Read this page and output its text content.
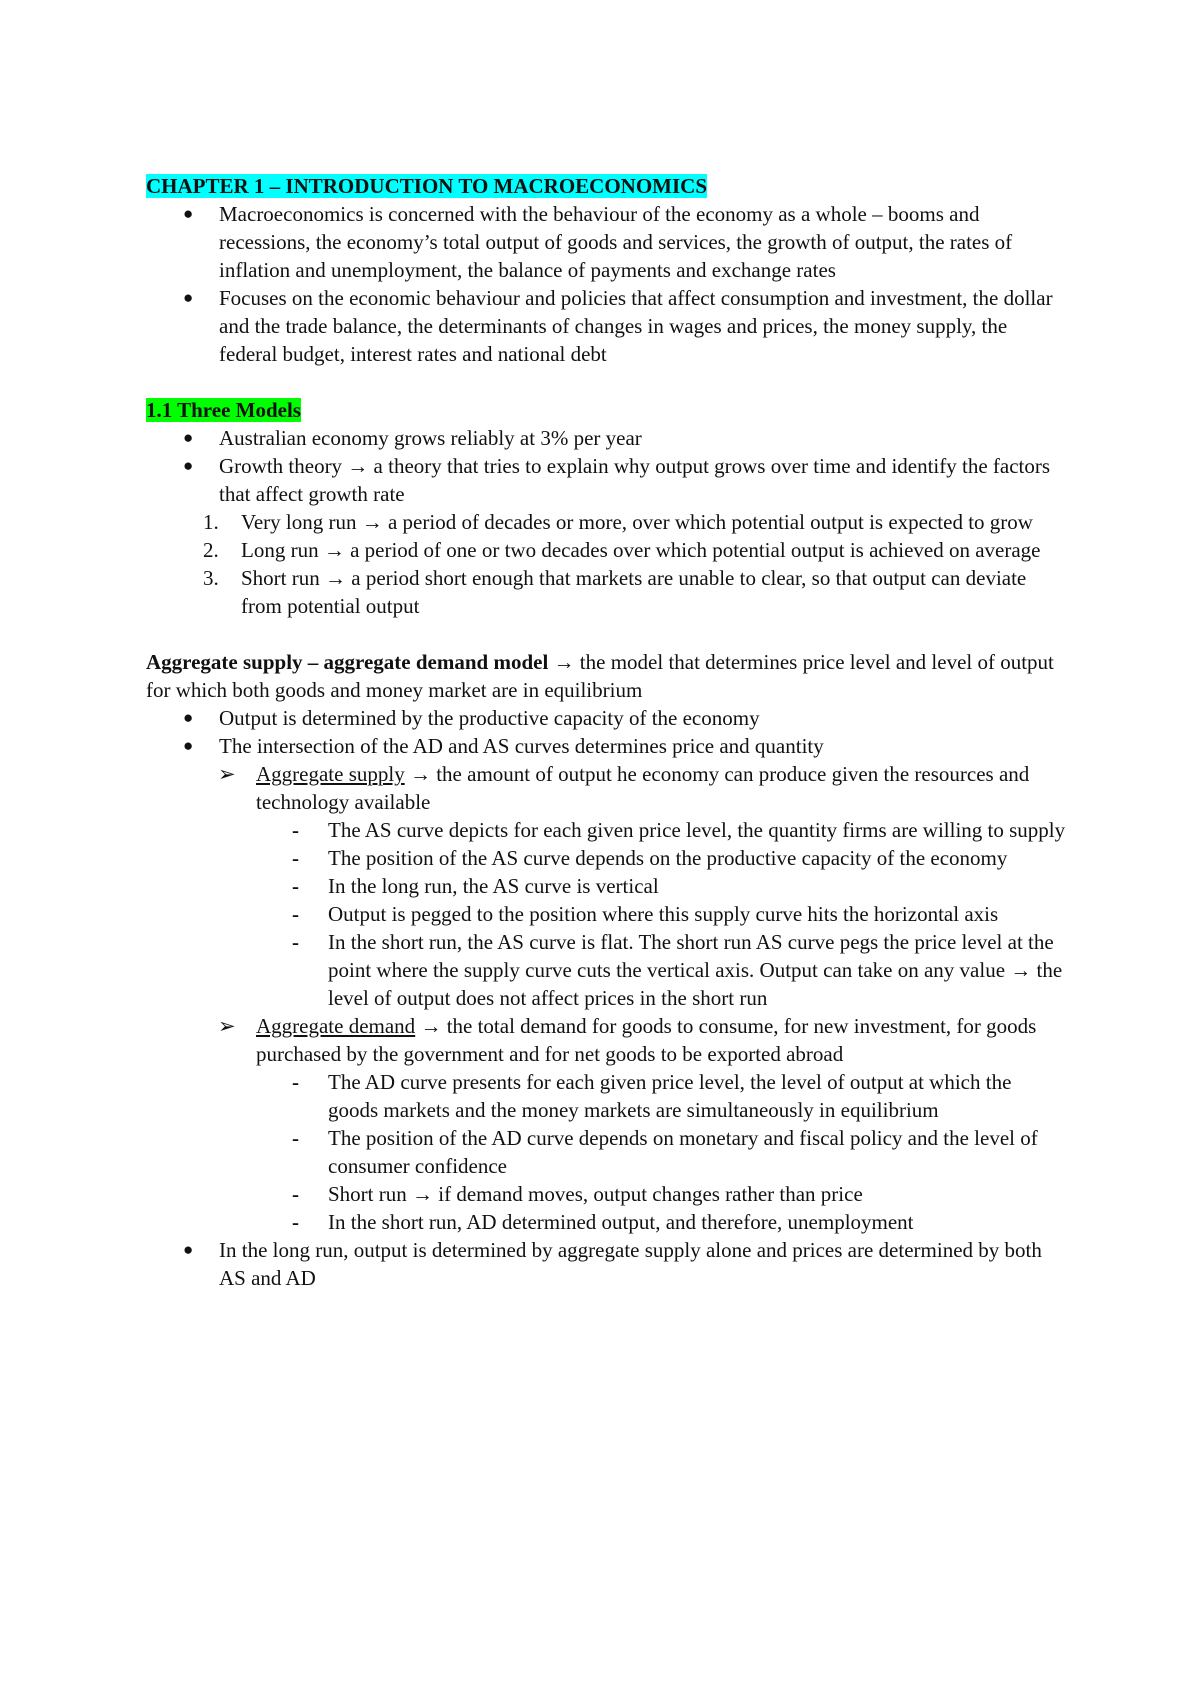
CHAPTER 1 – INTRODUCTION TO MACROECONOMICS

● Macroeconomics is concerned with the behaviour of the economy as a whole – booms and recessions, the economy’s total output of goods and services, the growth of output, the rates of inflation and unemployment, the balance of payments and exchange rates
● Focuses on the economic behaviour and policies that affect consumption and investment, the dollar and the trade balance, the determinants of changes in wages and prices, the money supply, the federal budget, interest rates and national debt

1.1 Three Models

● Australian economy grows reliably at 3% per year
● Growth theory → a theory that tries to explain why output grows over time and identify the factors that affect growth rate
1. Very long run → a period of decades or more, over which potential output is expected to grow
2. Long run → a period of one or two decades over which potential output is achieved on average
3. Short run → a period short enough that markets are unable to clear, so that output can deviate from potential output

Aggregate supply – aggregate demand model → the model that determines price level and level of output for which both goods and money market are in equilibrium

● Output is determined by the productive capacity of the economy
● The intersection of the AD and AS curves determines price and quantity
➢ Aggregate supply → the amount of output he economy can produce given the resources and technology available
- The AS curve depicts for each given price level, the quantity firms are willing to supply
- The position of the AS curve depends on the productive capacity of the economy
- In the long run, the AS curve is vertical
- Output is pegged to the position where this supply curve hits the horizontal axis
- In the short run, the AS curve is flat. The short run AS curve pegs the price level at the point where the supply curve cuts the vertical axis. Output can take on any value → the level of output does not affect prices in the short run
➢ Aggregate demand → the total demand for goods to consume, for new investment, for goods purchased by the government and for net goods to be exported abroad
- The AD curve presents for each given price level, the level of output at which the goods markets and the money markets are simultaneously in equilibrium
- The position of the AD curve depends on monetary and fiscal policy and the level of consumer confidence
- Short run → if demand moves, output changes rather than price
- In the short run, AD determined output, and therefore, unemployment
● In the long run, output is determined by aggregate supply alone and prices are determined by both AS and AD
